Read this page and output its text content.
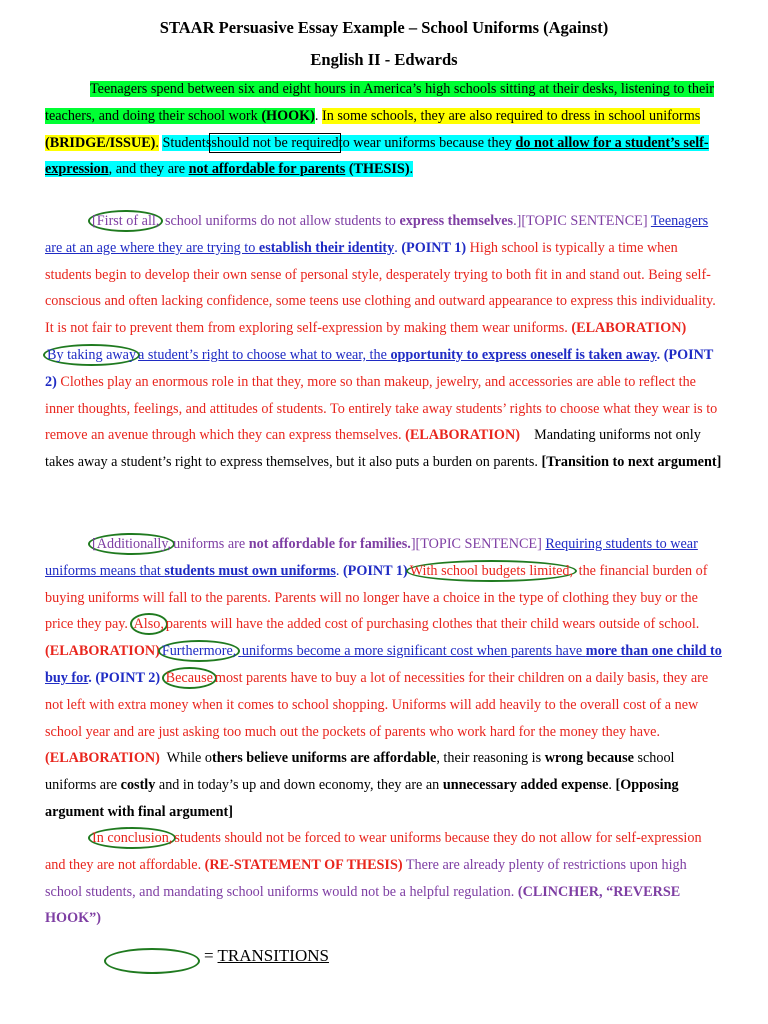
STAAR Persuasive Essay Example – School Uniforms (Against)
English II - Edwards
Teenagers spend between six and eight hours in America’s high schools sitting at their desks, listening to their teachers, and doing their school work (HOOK). In some schools, they are also required to dress in school uniforms (BRIDGE/ISSUE). Studentsshould not be requiredto wear uniforms because they do not allow for a student’s self-expression, and they are not affordable for parents (THESIS).
[First of all, school uniforms do not allow students to express themselves.][TOPIC SENTENCE] Teenagers are at an age where they are trying to establish their identity. (POINT 1) High school is typically a time when students begin to develop their own sense of personal style, desperately trying to both fit in and stand out. Being self-conscious and often lacking confidence, some teens use clothing and outward appearance to express this individuality. It is not fair to prevent them from exploring self-expression by making them wear uniforms. (ELABORATION)By taking away a student’s right to choose what to wear, the opportunity to express oneself is taken away. (POINT 2) Clothes play an enormous role in that they, more so than makeup, jewelry, and accessories are able to reflect the inner thoughts, feelings, and attitudes of students. To entirely take away students’ rights to choose what they wear is to remove an avenue through which they can express themselves. (ELABORATION) Mandating uniforms not only takes away a student’s right to express themselves, but it also puts a burden on parents. [Transition to next argument]
[Additionally, uniforms are not affordable for families.][TOPIC SENTENCE] Requiring students to wear uniforms means that students must own uniforms. (POINT 1) With school budgets limited, the financial burden of buying uniforms will fall to the parents. Parents will no longer have a choice in the type of clothing they buy or the price they pay. Also, parents will have the added cost of purchasing clothes that their child wears outside of school. (ELABORATION) Furthermore, uniforms become a more significant cost when parents have more than one child to buy for. (POINT 2) Because most parents have to buy a lot of necessities for their children on a daily basis, they are not left with extra money when it comes to school shopping. Uniforms will add heavily to the overall cost of a new school year and are just asking too much out the pockets of parents who work hard for the money they have. (ELABORATION) While others believe uniforms are affordable, their reasoning is wrong because school uniforms are costly and in today’s up and down economy, they are an unnecessary added expense. [Opposing argument with final argument]
In conclusion, students should not be forced to wear uniforms because they do not allow for self-expression and they are not affordable. (RE-STATEMENT OF THESIS) There are already plenty of restrictions upon high school students, and mandating school uniforms would not be a helpful regulation. (CLINCHER, “REVERSE HOOK”)
= TRANSITIONS
